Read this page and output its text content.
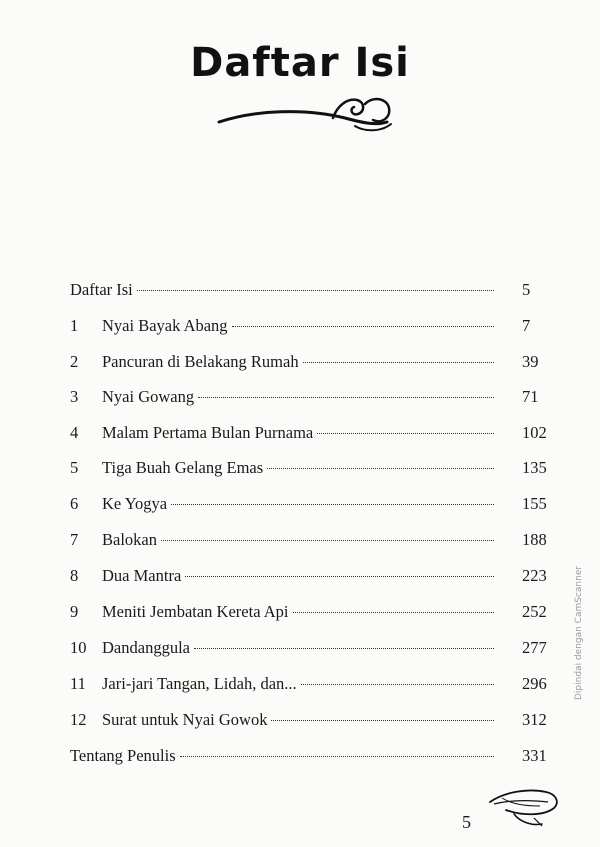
Daftar Isi
Daftar Isi	5
1	Nyai Bayak Abang	7
2	Pancuran di Belakang Rumah	39
3	Nyai Gowang	71
4	Malam Pertama Bulan Purnama	102
5	Tiga Buah Gelang Emas	135
6	Ke Yogya	155
7	Balokan	188
8	Dua Mantra	223
9	Meniti Jembatan Kereta Api	252
10 Dandanggula	277
11 Jari-jari Tangan, Lidah, dan...	296
12 Surat untuk Nyai Gowok	312
Tentang Penulis	331
5
Dipindai dengan CamScanner
